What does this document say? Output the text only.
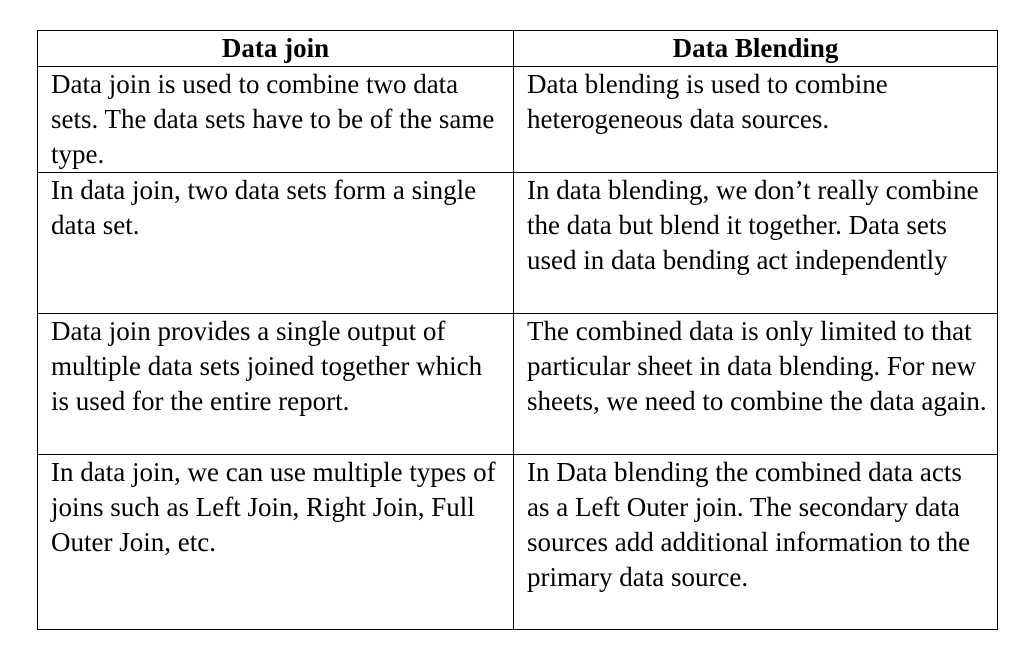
Data join	Data Blending
Data join is used to combine two data sets. The data sets have to be of the same type.	Data blending is used to combine heterogeneous data sources.
In data join, two data sets form a single data set.	In data blending, we don’t really combine the data but blend it together. Data sets used in data bending act independently
Data join provides a single output of multiple data sets joined together which is used for the entire report.	The combined data is only limited to that particular sheet in data blending. For new sheets, we need to combine the data again.
In data join, we can use multiple types of joins such as Left Join, Right Join, Full Outer Join, etc.	In Data blending the combined data acts as a Left Outer join. The secondary data sources add additional information to the primary data source.
